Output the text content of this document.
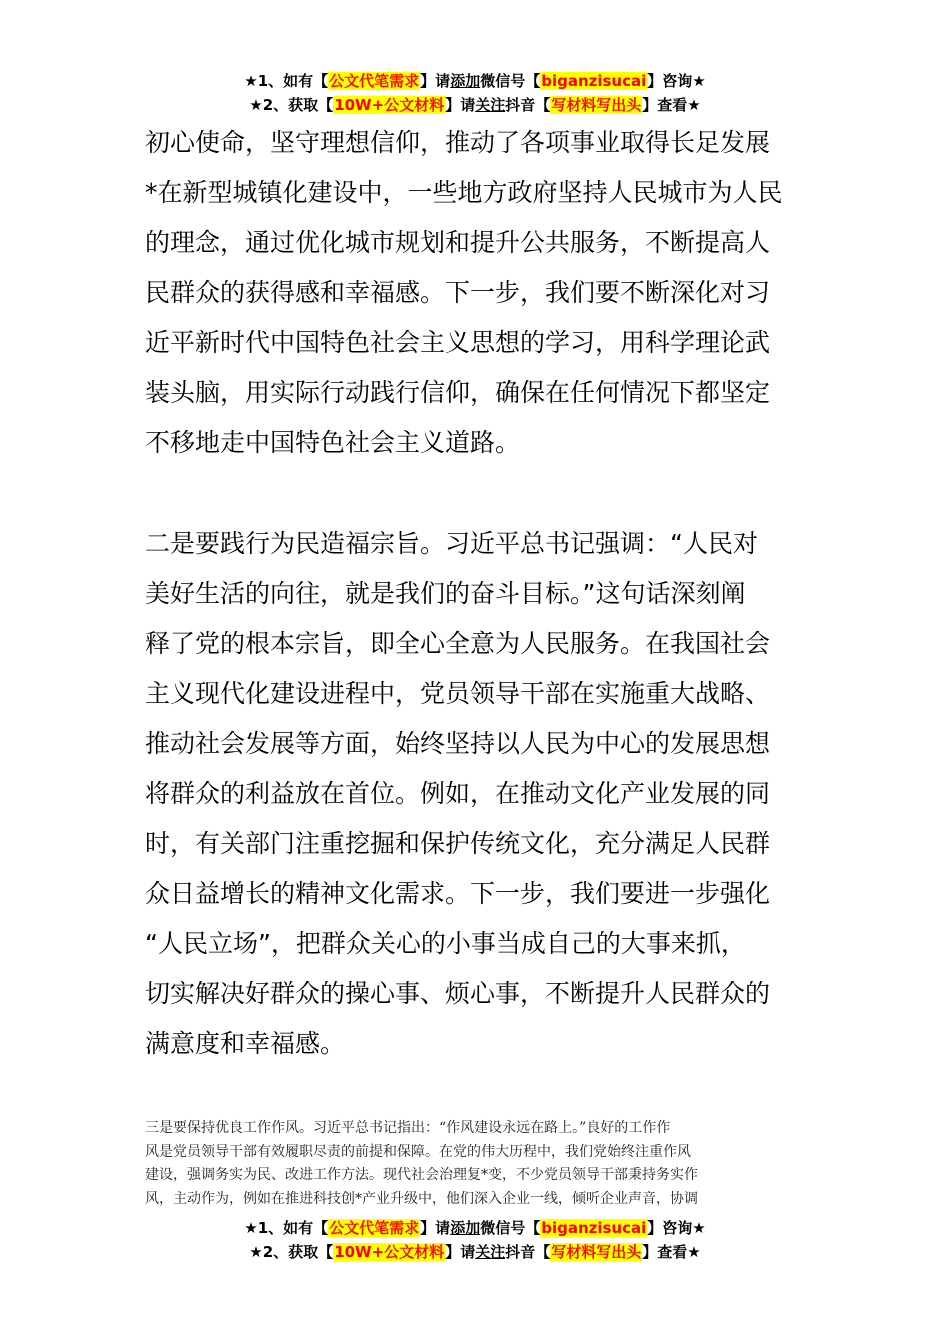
★1、如有【公文代笔需求】请添加微信号【biganzisucai】咨询★
★2、获取【10W+公文材料】请关注抖音【写材料写出头】查看★
初心使命，坚守理想信仰，推动了各项事业取得长足发展
*在新型城镇化建设中，一些地方政府坚持人民城市为人民
的理念，通过优化城市规划和提升公共服务，不断提高人
民群众的获得感和幸福感。下一步，我们要不断深化对习
近平新时代中国特色社会主义思想的学习，用科学理论武
装头脑，用实际行动践行信仰，确保在任何情况下都坚定
不移地走中国特色社会主义道路。
二是要践行为民造福宗旨。习近平总书记强调：“人民对
美好生活的向往，就是我们的奋斗目标。”这句话深刻阐
释了党的根本宗旨，即全心全意为人民服务。在我国社会
主义现代化建设进程中，党员领导干部在实施重大战略、
推动社会发展等方面，始终坚持以人民为中心的发展思想
将群众的利益放在首位。例如，在推动文化产业发展的同
时，有关部门注重挖掘和保护传统文化，充分满足人民群
众日益增长的精神文化需求。下一步，我们要进一步强化
“人民立场”，把群众关心的小事当成自己的大事来抓，
切实解决好群众的操心事、烦心事，不断提升人民群众的
满意度和幸福感。
三是要保持优良工作作风。习近平总书记指出：“作风建设永远在路上。”良好的工作作
风是党员领导干部有效履职尽责的前提和保障。在党的伟大历程中，我们党始终注重作风
建设，强调务实为民、改进工作方法。现代社会治理复*变，不少党员领导干部秉持务实作
风，主动作为，例如在推进科技创*产业升级中，他们深入企业一线，倾听企业声音，协调
★1、如有【公文代笔需求】请添加微信号【biganzisucai】咨询★
★2、获取【10W+公文材料】请关注抖音【写材料写出头】查看★
